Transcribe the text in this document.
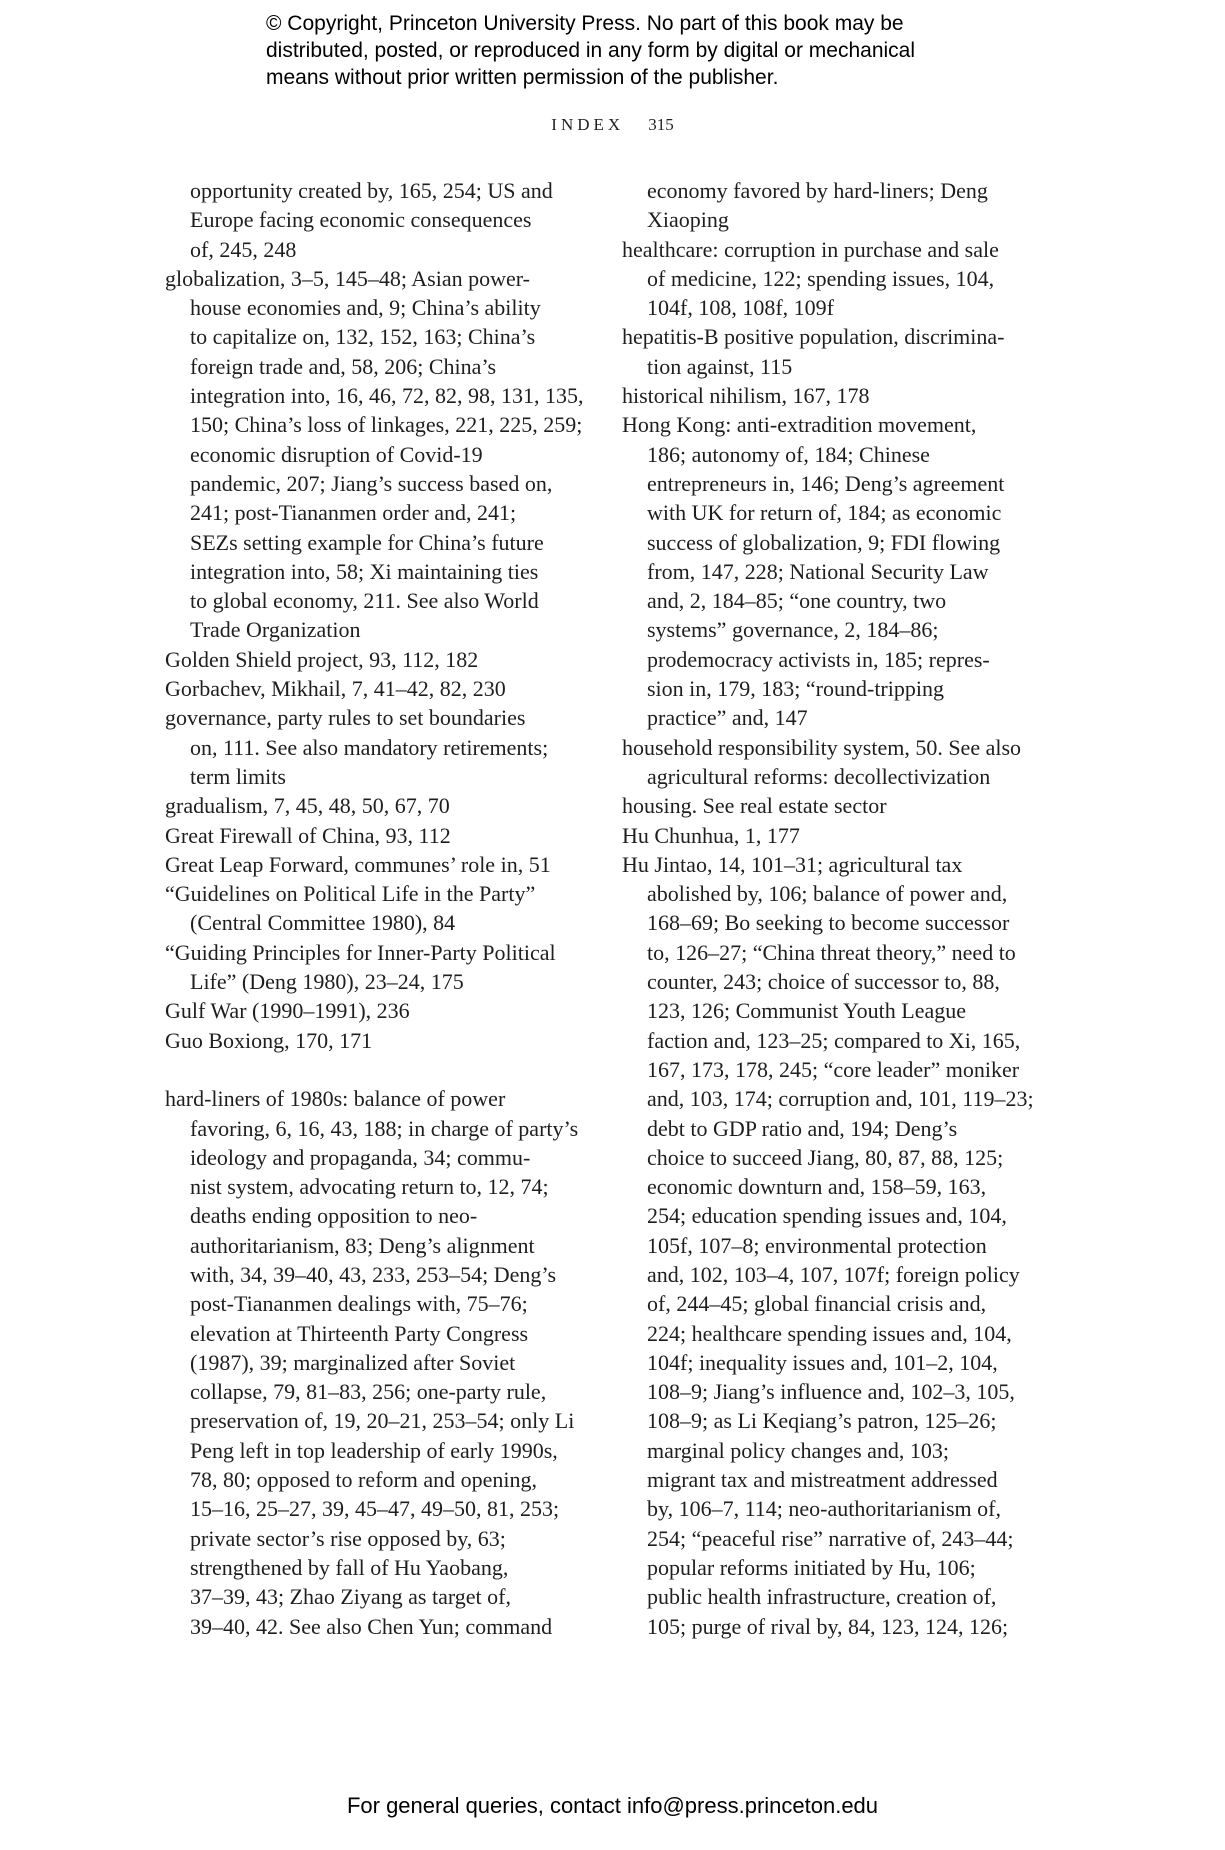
© Copyright, Princeton University Press. No part of this book may be
distributed, posted, or reproduced in any form by digital or mechanical
means without prior written permission of the publisher.
INDEX 315
opportunity created by, 165, 254; US and
Europe facing economic consequences
of, 245, 248
globalization, 3–5, 145–48; Asian power-
house economies and, 9; China’s ability
to capitalize on, 132, 152, 163; China’s
foreign trade and, 58, 206; China’s
integration into, 16, 46, 72, 82, 98, 131, 135,
150; China’s loss of linkages, 221, 225, 259;
economic disruption of Covid-19
pandemic, 207; Jiang’s success based on,
241; post-Tiananmen order and, 241;
SEZs setting example for China’s future
integration into, 58; Xi maintaining ties
to global economy, 211. See also World
Trade Organization
Golden Shield project, 93, 112, 182
Gorbachev, Mikhail, 7, 41–42, 82, 230
governance, party rules to set boundaries
on, 111. See also mandatory retirements;
term limits
gradualism, 7, 45, 48, 50, 67, 70
Great Firewall of China, 93, 112
Great Leap Forward, communes’ role in, 51
“Guidelines on Political Life in the Party”
(Central Committee 1980), 84
“Guiding Principles for Inner-Party Political
Life” (Deng 1980), 23–24, 175
Gulf War (1990–1991), 236
Guo Boxiong, 170, 171
hard-liners of 1980s: balance of power
favoring, 6, 16, 43, 188; in charge of party’s
ideology and propaganda, 34; commu-
nist system, advocating return to, 12, 74;
deaths ending opposition to neo-
authoritarianism, 83; Deng’s alignment
with, 34, 39–40, 43, 233, 253–54; Deng’s
post-Tiananmen dealings with, 75–76;
elevation at Thirteenth Party Congress
(1987), 39; marginalized after Soviet
collapse, 79, 81–83, 256; one-party rule,
preservation of, 19, 20–21, 253–54; only Li
Peng left in top leadership of early 1990s,
78, 80; opposed to reform and opening,
15–16, 25–27, 39, 45–47, 49–50, 81, 253;
private sector’s rise opposed by, 63;
strengthened by fall of Hu Yaobang,
37–39, 43; Zhao Ziyang as target of,
39–40, 42. See also Chen Yun; command
economy favored by hard-liners; Deng
Xiaoping
healthcare: corruption in purchase and sale
of medicine, 122; spending issues, 104,
104f, 108, 108f, 109f
hepatitis-B positive population, discrimina-
tion against, 115
historical nihilism, 167, 178
Hong Kong: anti-extradition movement,
186; autonomy of, 184; Chinese
entrepreneurs in, 146; Deng’s agreement
with UK for return of, 184; as economic
success of globalization, 9; FDI flowing
from, 147, 228; National Security Law
and, 2, 184–85; “one country, two
systems” governance, 2, 184–86;
prodemocracy activists in, 185; repres-
sion in, 179, 183; “round-tripping
practice” and, 147
household responsibility system, 50. See also
agricultural reforms: decollectivization
housing. See real estate sector
Hu Chunhua, 1, 177
Hu Jintao, 14, 101–31; agricultural tax
abolished by, 106; balance of power and,
168–69; Bo seeking to become successor
to, 126–27; “China threat theory,” need to
counter, 243; choice of successor to, 88,
123, 126; Communist Youth League
faction and, 123–25; compared to Xi, 165,
167, 173, 178, 245; “core leader” moniker
and, 103, 174; corruption and, 101, 119–23;
debt to GDP ratio and, 194; Deng’s
choice to succeed Jiang, 80, 87, 88, 125;
economic downturn and, 158–59, 163,
254; education spending issues and, 104,
105f, 107–8; environmental protection
and, 102, 103–4, 107, 107f; foreign policy
of, 244–45; global financial crisis and,
224; healthcare spending issues and, 104,
104f; inequality issues and, 101–2, 104,
108–9; Jiang’s influence and, 102–3, 105,
108–9; as Li Keqiang’s patron, 125–26;
marginal policy changes and, 103;
migrant tax and mistreatment addressed
by, 106–7, 114; neo-authoritarianism of,
254; “peaceful rise” narrative of, 243–44;
popular reforms initiated by Hu, 106;
public health infrastructure, creation of,
105; purge of rival by, 84, 123, 124, 126;
For general queries, contact info@press.princeton.edu
